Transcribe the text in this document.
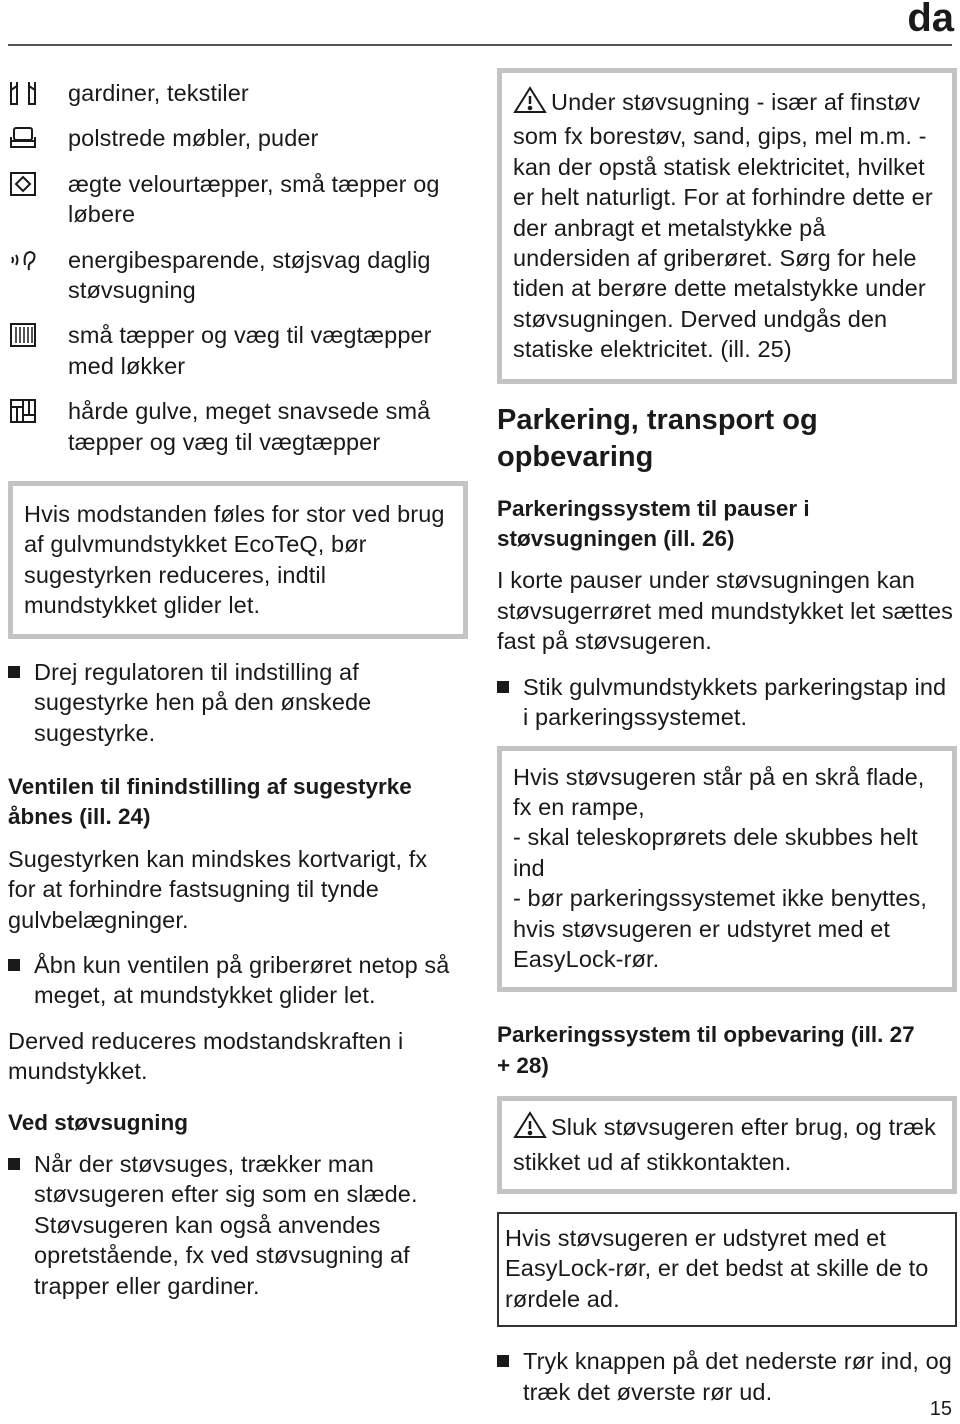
da
gardiner, tekstiler
polstrede møbler, puder
ægte velourtæpper, små tæpper og løbere
energibesparende, støjsvag daglig støvsugning
små tæpper og væg til vægtæpper med løkker
hårde gulve, meget snavsede små tæpper og væg til vægtæpper
Hvis modstanden føles for stor ved brug af gulvmundstykket EcoTeQ, bør sugestyrken reduceres, indtil mundstykket glider let.
Drej regulatoren til indstilling af sugestyrke hen på den ønskede sugestyrke.
Ventilen til finindstilling af sugestyrke åbnes (ill. 24)
Sugestyrken kan mindskes kortvarigt, fx for at forhindre fastsugning til tynde gulvbelægninger.
Åbn kun ventilen på griberøret netop så meget, at mundstykket glider let.
Derved reduceres modstandskraften i mundstykket.
Ved støvsugning
Når der støvsuges, trækker man støvsugeren efter sig som en slæde. Støvsugeren kan også anvendes opretstående, fx ved støvsugning af trapper eller gardiner.
Under støvsugning - især af finstøv som fx borestøv, sand, gips, mel m.m. - kan der opstå statisk elektricitet, hvilket er helt naturligt. For at forhindre dette er der anbragt et metalstykke på undersiden af griberøret. Sørg for hele tiden at berøre dette metalstykke under støvsugningen. Derved undgås den statiske elektricitet. (ill. 25)
Parkering, transport og opbevaring
Parkeringssystem til pauser i støvsugningen (ill. 26)
I korte pauser under støvsugningen kan støvsugerrøret med mundstykket let sættes fast på støvsugeren.
Stik gulvmundstykkets parkeringstap ind i parkeringssystemet.
Hvis støvsugeren står på en skrå flade, fx en rampe,
- skal teleskoprørets dele skubbes helt ind
- bør parkeringssystemet ikke benyttes, hvis støvsugeren er udstyret med et EasyLock-rør.
Parkeringssystem til opbevaring (ill. 27 + 28)
Sluk støvsugeren efter brug, og træk stikket ud af stikkontakten.
Hvis støvsugeren er udstyret med et EasyLock-rør, er det bedst at skille de to rørdele ad.
Tryk knappen på det nederste rør ind, og træk det øverste rør ud.
15
